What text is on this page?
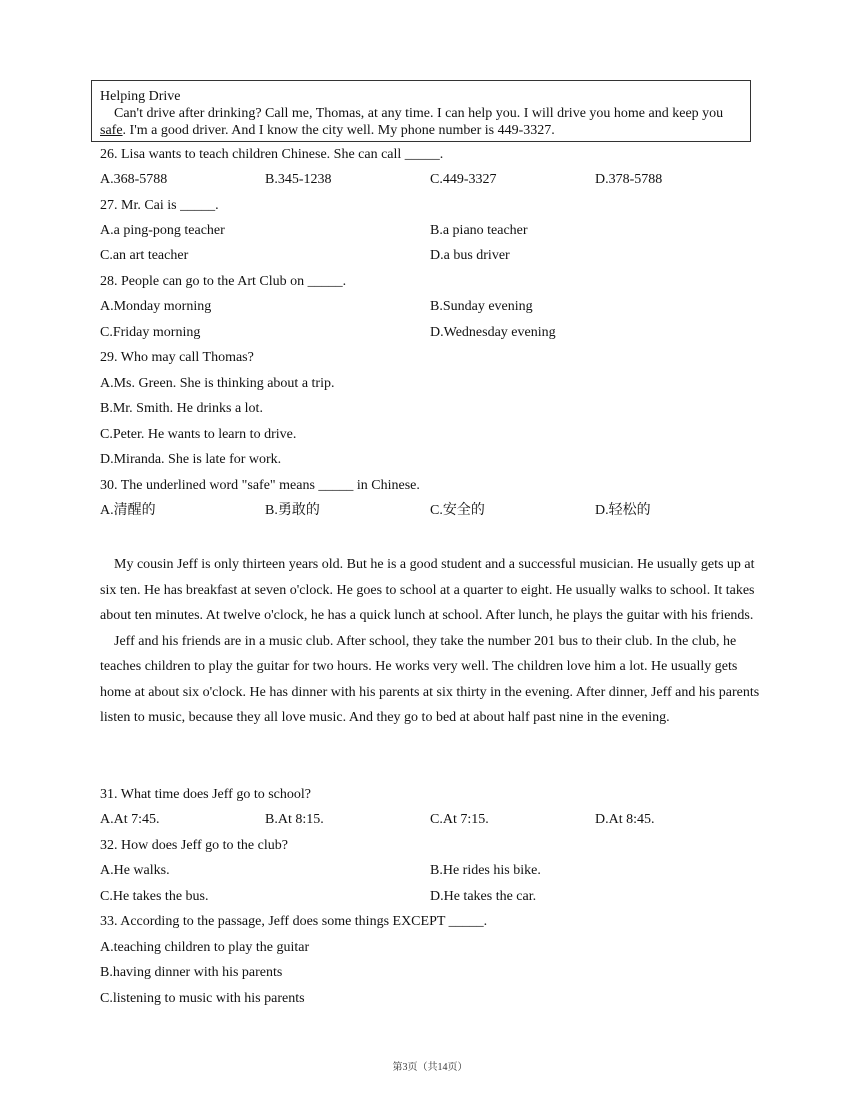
Helping Drive
Can't drive after drinking? Call me, Thomas, at any time. I can help you. I will drive you home and keep you safe. I'm a good driver. And I know the city well. My phone number is 449-3327.
26. Lisa wants to teach children Chinese. She can call _____.
A.368-5788	B.345-1238	C.449-3327	D.378-5788
27. Mr. Cai is _____.
A.a ping-pong teacher	B.a piano teacher
C.an art teacher	D.a bus driver
28. People can go to the Art Club on _____.
A.Monday morning	B.Sunday evening
C.Friday morning	D.Wednesday evening
29. Who may call Thomas?
A.Ms. Green. She is thinking about a trip.
B.Mr. Smith. He drinks a lot.
C.Peter. He wants to learn to drive.
D.Miranda. She is late for work.
30. The underlined word "safe" means _____ in Chinese.
A.清醒的	B.勇敢的	C.安全的	D.轻松的

My cousin Jeff is only thirteen years old. But he is a good student and a successful musician. He usually gets up at six ten. He has breakfast at seven o'clock. He goes to school at a quarter to eight. He usually walks to school. It takes about ten minutes. At twelve o'clock, he has a quick lunch at school. After lunch, he plays the guitar with his friends.

Jeff and his friends are in a music club. After school, they take the number 201 bus to their club. In the club, he teaches children to play the guitar for two hours. He works very well. The children love him a lot. He usually gets home at about six o'clock. He has dinner with his parents at six thirty in the evening. After dinner, Jeff and his parents listen to music, because they all love music. And they go to bed at about half past nine in the evening.

31. What time does Jeff go to school?
A.At 7:45.	B.At 8:15.	C.At 7:15.	D.At 8:45.
32. How does Jeff go to the club?
A.He walks.	B.He rides his bike.
C.He takes the bus.	D.He takes the car.
33. According to the passage, Jeff does some things EXCEPT _____.
A.teaching children to play the guitar
B.having dinner with his parents
C.listening to music with his parents
第3页（共14页）
